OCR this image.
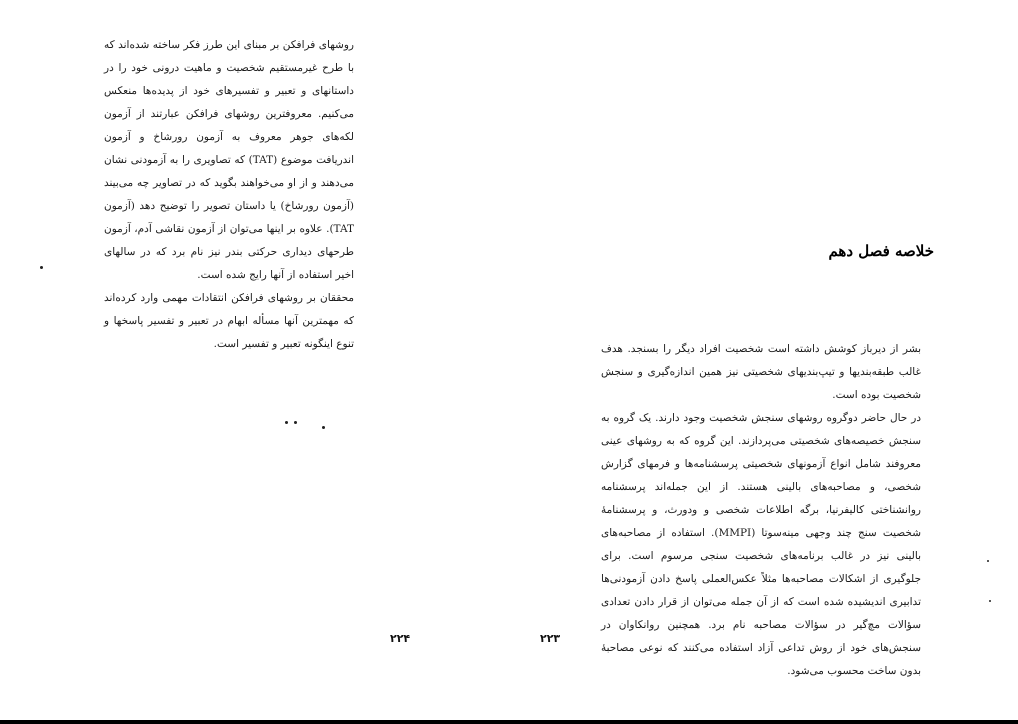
روشهای فرافکن بر مبنای این طرز فکر ساخته شده‌اند که با طرح غیرمستقیم شخصیت و ماهیت درونی خود را در داستانهای و تعبیر و تفسیرهای خود از پدیده‌ها منعکس می‌کنیم. معروفترین روشهای فرافکن عبارتند از آزمون لکه‌های جوهر معروف به آزمون رورشاخ و آزمون اندریافت موضوع (TAT) که تصاویری را به آزمودنی نشان می‌دهند و از او می‌خواهند بگوید که در تصاویر چه می‌بیند (آزمون رورشاخ) یا داستان تصویر را توضیح دهد (آزمون TAT). علاوه بر اینها می‌توان از آزمون نقاشی آدم، آزمون طرحهای دیداری حرکتی بندر نیز نام برد که در سالهای اخیر استفاده از آنها رایج شده است.

محققان بر روشهای فرافکن انتقادات مهمی وارد کرده‌اند که مهمترین آنها مسأله ابهام در تعبیر و تفسیر پاسخها و تنوع اینگونه تعبیر و تفسیر است.

۲۲۴
خلاصه فصل دهم

بشر از دیرباز کوشش داشته است شخصیت افراد دیگر را بسنجد. هدف غالب طبقه‌بندیها و تیپ‌بندیهای شخصیتی نیز همین اندازه‌گیری و سنجش شخصیت بوده است.

در حال حاضر دوگروه روشهای سنجش شخصیت وجود دارند. یک گروه به سنجش خصیصه‌های شخصیتی می‌پردازند. این گروه که به روشهای عینی معروفند شامل انواع آزمونهای شخصیتی پرسشنامه‌ها و فرمهای گزارش شخصی، و مصاحبه‌های بالینی هستند. از این جمله‌اند پرسشنامه روانشناختی کالیفرنیا، برگه اطلاعات شخصی و ودورث، و پرسشنامهٔ شخصیت سنج چند وجهی مینه‌سوتا (MMPI). استفاده از مصاحبه‌های بالینی نیز در غالب برنامه‌های شخصیت سنجی مرسوم است. برای جلوگیری از اشکالات مصاحبه‌ها مثلاً عکس‌العملی پاسخ دادن آزمودنی‌ها تدابیری اندیشیده شده است که از آن جمله می‌توان از قرار دادن تعدادی سؤالات مچ‌گیر در سؤالات مصاحبه نام برد. همچنین روانکاوان در سنجش‌های خود از روش تداعی آزاد استفاده می‌کنند که نوعی مصاحبهٔ بدون ساخت محسوب می‌شود.

۲۲۳
